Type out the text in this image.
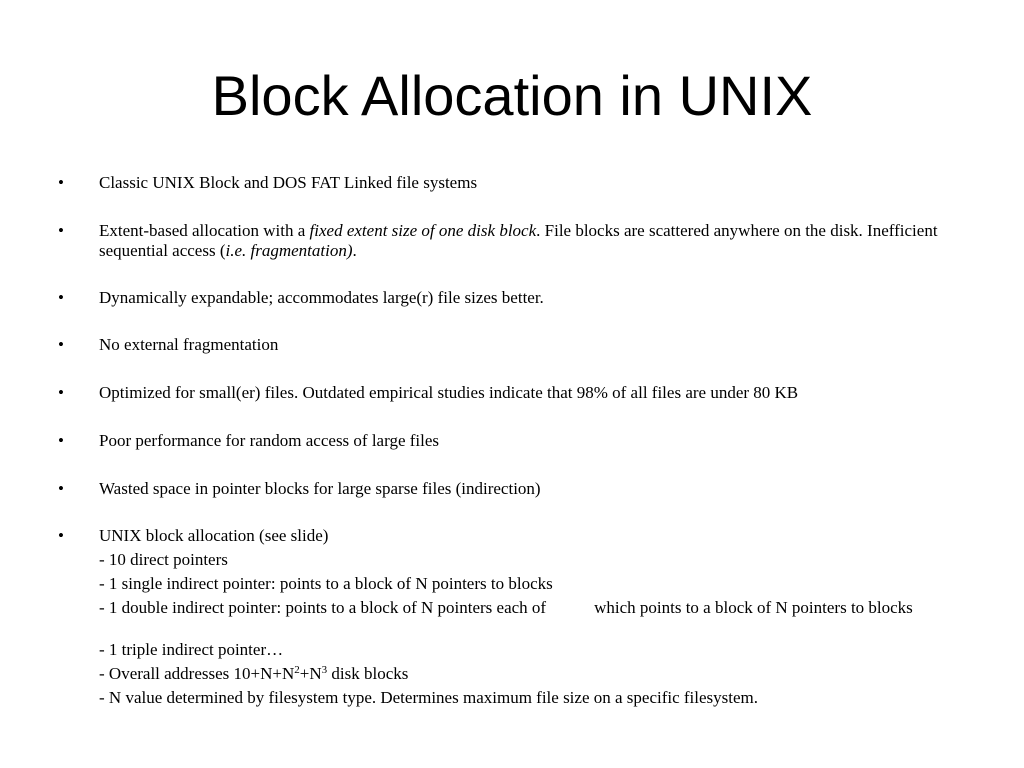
Block Allocation in UNIX
• Classic UNIX Block and DOS FAT Linked file systems
• Extent-based allocation with a fixed extent size of one disk block. File blocks are scattered anywhere on the disk. Inefficient sequential access (i.e. fragmentation).
• Dynamically expandable; accommodates large(r) file sizes better.
• No external fragmentation
• Optimized for small(er) files. Outdated empirical studies indicate that 98% of all files are under 80 KB
• Poor performance for random access of large files
• Wasted space in pointer blocks for large sparse files (indirection)
• UNIX block allocation (see slide)
- 10 direct pointers
- 1 single indirect pointer: points to a block of N pointers to blocks
- 1 double indirect pointer: points to a block of N pointers each of	which points to a block of N pointers to blocks
- 1 triple indirect pointer…
- Overall addresses $10+N+N^2+N^3$ disk blocks
- N value determined by filesystem type. Determines maximum file size on a specific filesystem.
